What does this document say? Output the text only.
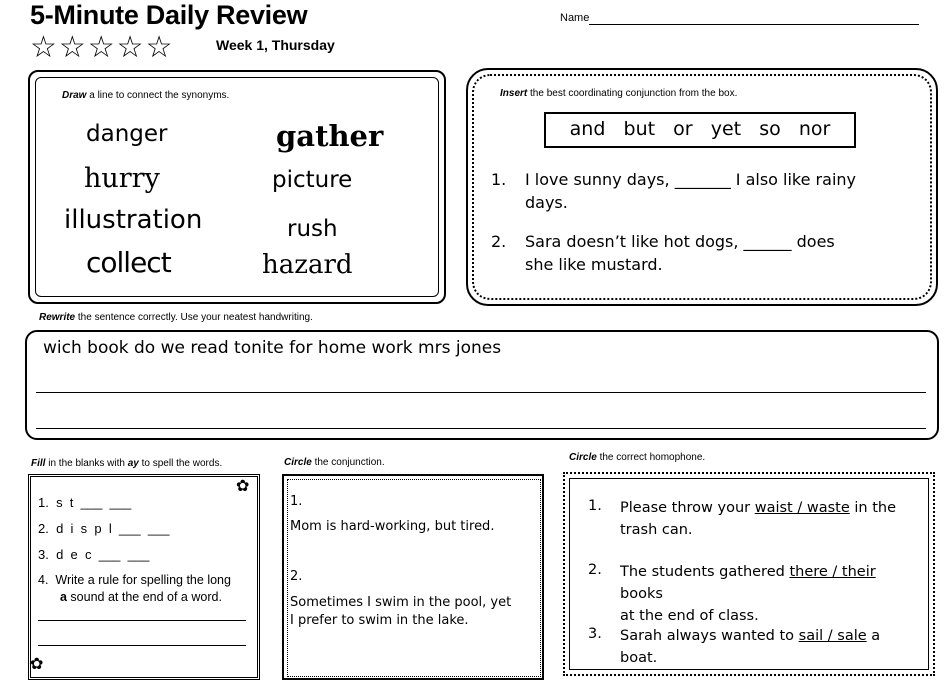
5-Minute Daily Review	Name
☆☆☆☆☆	Week 1, Thursday
Draw a line to connect the synonyms.
danger
hurry
illustration
collect
gather
picture
rush
hazard
Insert the best coordinating conjunction from the box.
and   but   or   yet   so   nor
1. I love sunny days, _______ I also like rainy
days.
2. Sara doesn’t like hot dogs, ______ does
she like mustard.
Rewrite the sentence correctly. Use your neatest handwriting.
wich book do we read tonite for home work mrs jones
Fill in the blanks with ay to spell the words.
✿
✿
1. s  t  ___  ___
2. d  i  s  p  l  ___  ___
3. d  e  c  ___  ___
4. Write a rule for spelling the long
a sound at the end of a word.
Circle the conjunction.
1.
Mom is hard-working, but tired.
2.
Sometimes I swim in the pool, yet
I prefer to swim in the lake.
Circle the correct homophone.
1. Please throw your waist / waste in the
trash can.
2. The students gathered there / their books
at the end of class.
3. Sarah always wanted to sail / sale a
boat.
